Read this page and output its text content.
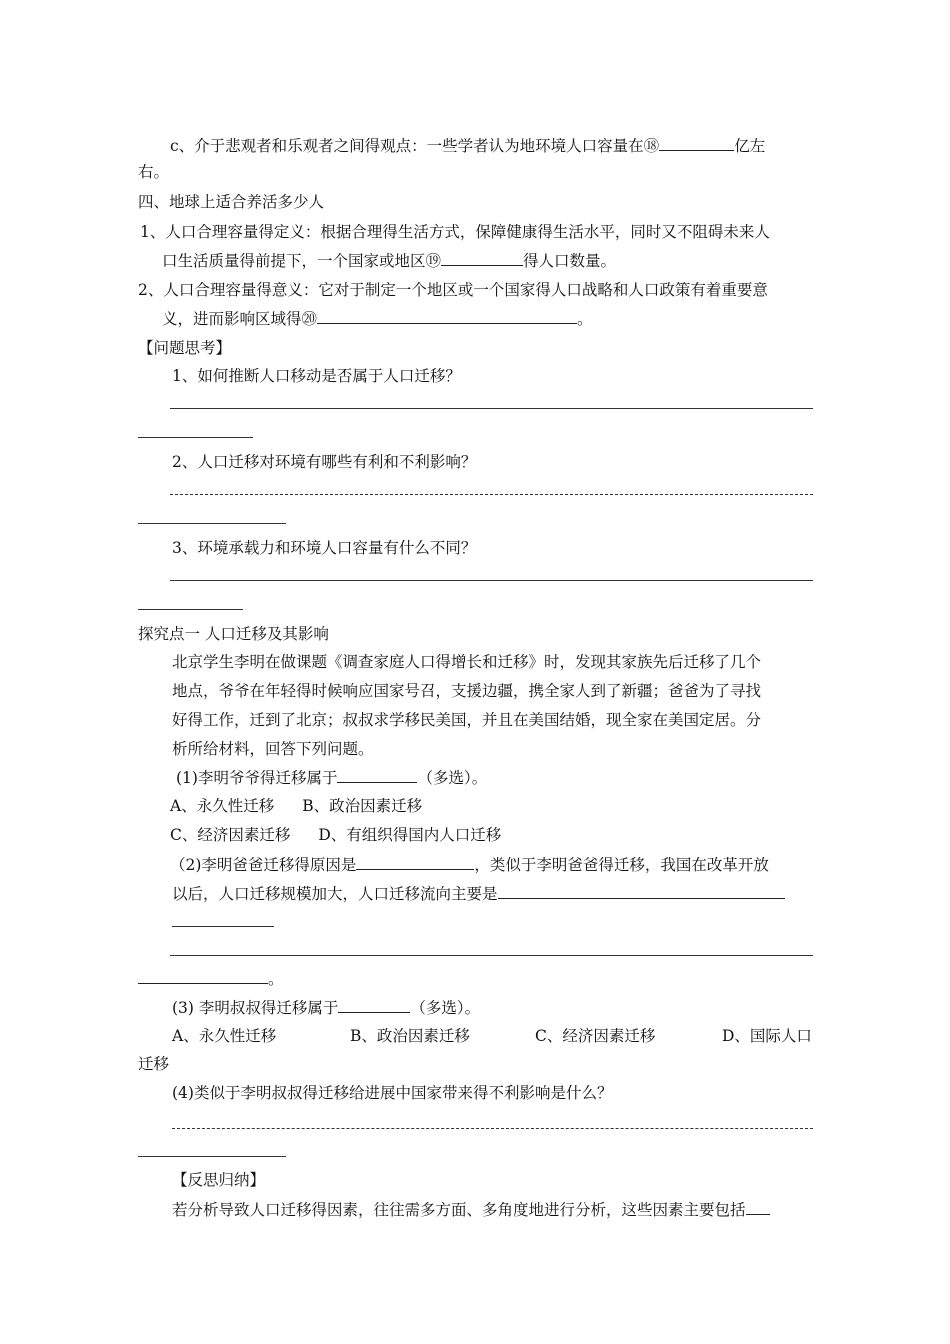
c、介于悲观者和乐观者之间得观点：一些学者认为地环境人口容量在⑱	亿左
右。
四、地球上适合养活多少人
1、人口合理容量得定义：根据合理得生活方式，保障健康得生活水平，同时又不阻碍未来人
口生活质量得前提下，一个国家或地区⑲	得人口数量。
2、人口合理容量得意义：它对于制定一个地区或一个国家得人口战略和人口政策有着重要意
义，进而影响区域得⑳	。
【问题思考】
1、如何推断人口移动是否属于人口迁移？
2、人口迁移对环境有哪些有利和不利影响？
3、环境承载力和环境人口容量有什么不同？
探究点一 人口迁移及其影响
北京学生李明在做课题《调查家庭人口得增长和迁移》时，发现其家族先后迁移了几个
地点，爷爷在年轻得时候响应国家号召，支援边疆，携全家人到了新疆；爸爸为了寻找
好得工作，迁到了北京；叔叔求学移民美国，并且在美国结婚，现全家在美国定居。分
析所给材料，回答下列问题。
(1)李明爷爷得迁移属于	（多选）。
A、永久性迁移 B、政治因素迁移
C、经济因素迁移 D、有组织得国内人口迁移
（2)李明爸爸迁移得原因是	，类似于李明爸爸得迁移，我国在改革开放
以后，人口迁移规模加大，人口迁移流向主要是
。
(3) 李明叔叔得迁移属于	（多选）。
A、永久性迁移	B、政治因素迁移	C、经济因素迁移	D、国际人口
迁移
(4)类似于李明叔叔得迁移给进展中国家带来得不利影响是什么？
【反思归纳】
若分析导致人口迁移得因素，往往需多方面、多角度地进行分析，这些因素主要包括
